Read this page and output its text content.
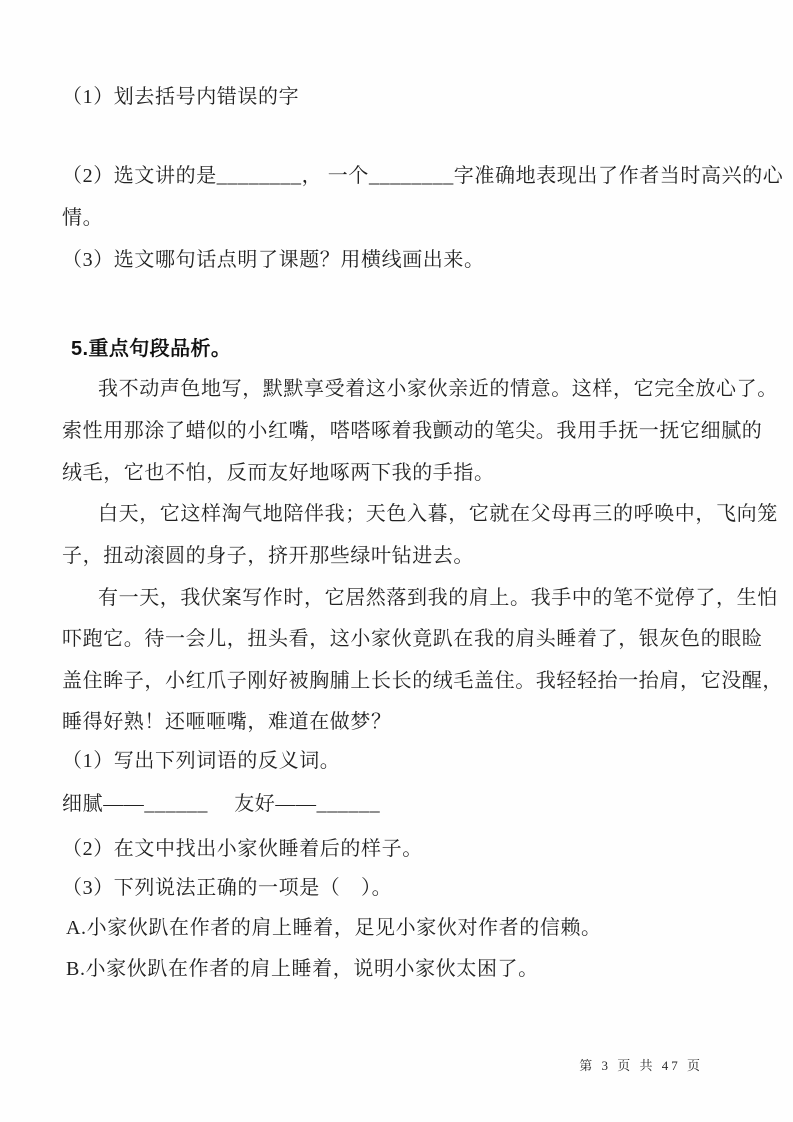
（1）划去括号内错误的字
（2）选文讲的是________， 一个________字准确地表现出了作者当时高兴的心
情。
（3）选文哪句话点明了课题？用横线画出来。
5.重点句段品析。
我不动声色地写，默默享受着这小家伙亲近的情意。这样，它完全放心了。
索性用那涂了蜡似的小红嘴，嗒嗒啄着我颤动的笔尖。我用手抚一抚它细腻的
绒毛，它也不怕，反而友好地啄两下我的手指。
白天，它这样淘气地陪伴我；天色入暮，它就在父母再三的呼唤中，飞向笼
子，扭动滚圆的身子，挤开那些绿叶钻进去。
有一天，我伏案写作时，它居然落到我的肩上。我手中的笔不觉停了，生怕
吓跑它。待一会儿，扭头看，这小家伙竟趴在我的肩头睡着了，银灰色的眼睑
盖住眸子，小红爪子刚好被胸脯上长长的绒毛盖住。我轻轻抬一抬肩，它没醒，
睡得好熟！还咂咂嘴，难道在做梦？
（1）写出下列词语的反义词。
细腻——______　 友好——______
（2）在文中找出小家伙睡着后的样子。
（3）下列说法正确的一项是（　）。
A.小家伙趴在作者的肩上睡着，足见小家伙对作者的信赖。
B.小家伙趴在作者的肩上睡着，说明小家伙太困了。
第 3 页 共 47 页
